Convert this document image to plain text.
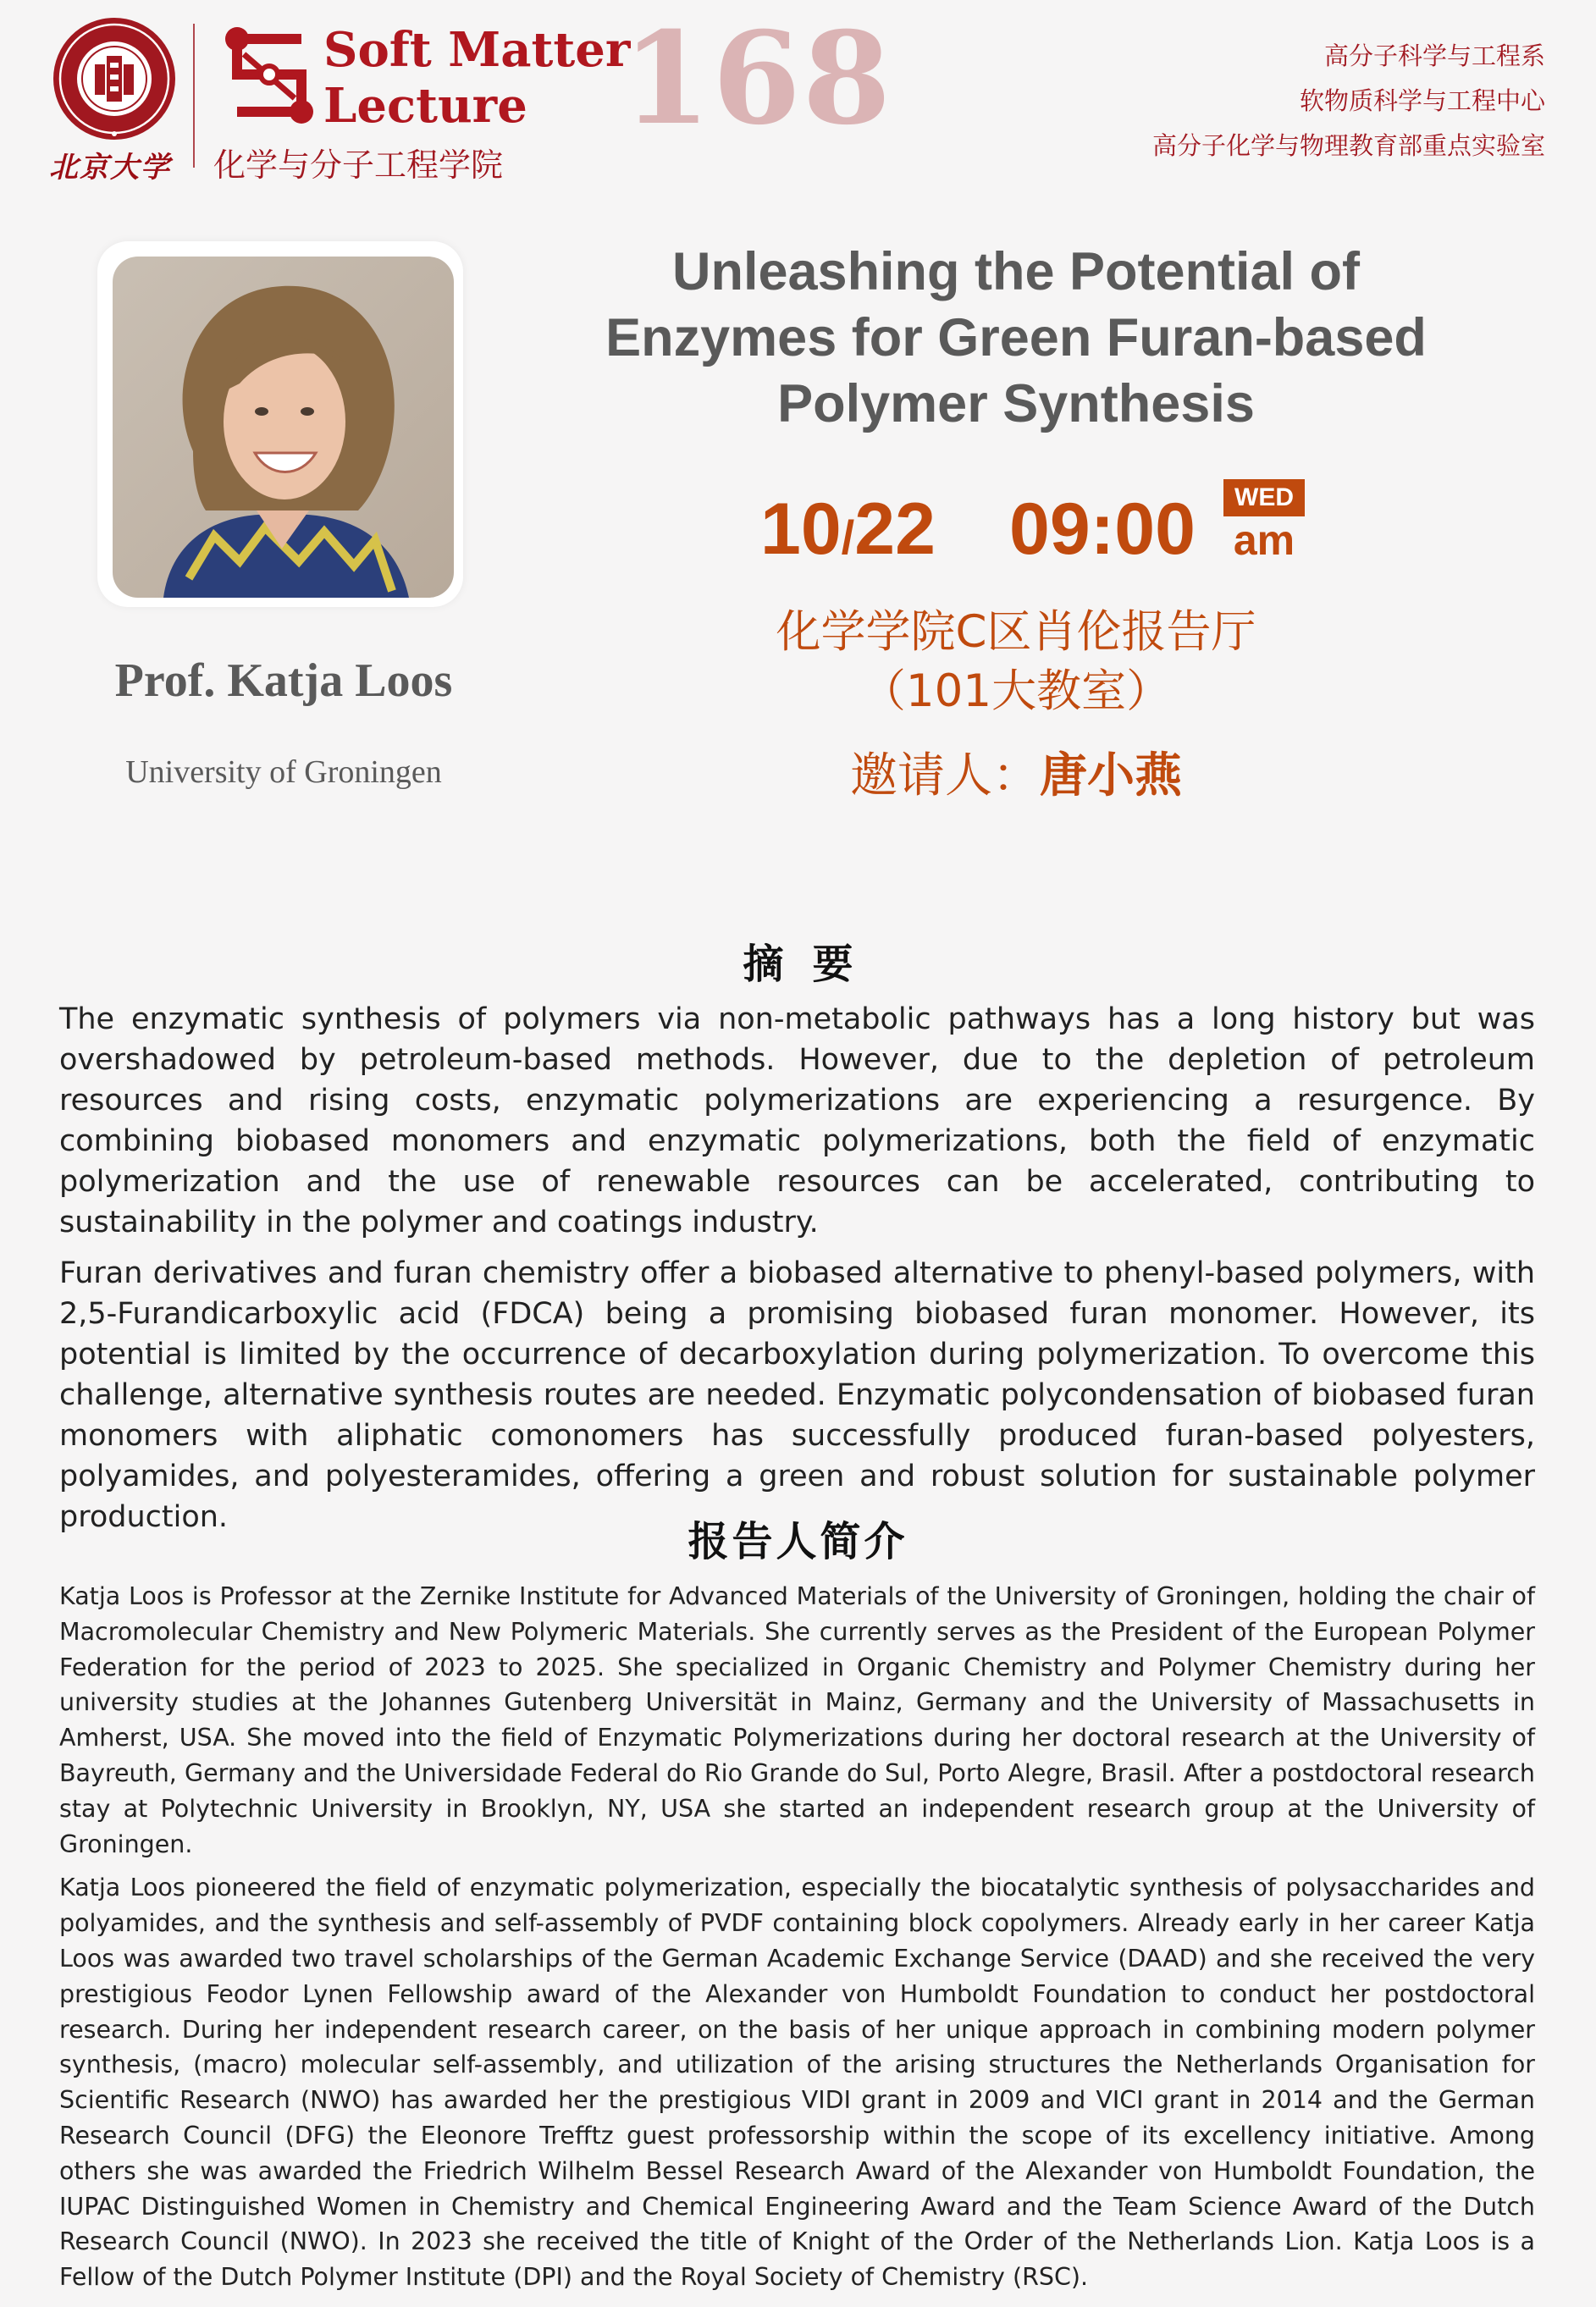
北京大学
Soft Matter
Lecture 168
化学与分子工程学院
高分子科学与工程系
软物质科学与工程中心
高分子化学与物理教育部重点实验室
Prof. Katja Loos
University of Groningen
Unleashing the Potential of
Enzymes for Green Furan-based
Polymer Synthesis
10/22 09:00	WED
am
化学学院C区肖伦报告厅
（101大教室）
邀请人：唐小燕
摘要

The enzymatic synthesis of polymers via non-metabolic pathways has a long history but was overshadowed by petroleum-based methods. However, due to the depletion of petroleum resources and rising costs, enzymatic polymerizations are experiencing a resurgence. By combining biobased monomers and enzymatic polymerizations, both the field of enzymatic polymerization and the use of renewable resources can be accelerated, contributing to sustainability in the polymer and coatings industry.

Furan derivatives and furan chemistry offer a biobased alternative to phenyl-based polymers, with 2,5-Furandicarboxylic acid (FDCA) being a promising biobased furan monomer. However, its potential is limited by the occurrence of decarboxylation during polymerization. To overcome this challenge, alternative synthesis routes are needed. Enzymatic polycondensation of biobased furan monomers with aliphatic comonomers has successfully produced furan-based polyesters, polyamides, and polyesteramides, offering a green and robust solution for sustainable polymer production.

报告人简介

Katja Loos is Professor at the Zernike Institute for Advanced Materials of the University of Groningen, holding the chair of Macromolecular Chemistry and New Polymeric Materials. She currently serves as the President of the European Polymer Federation for the period of 2023 to 2025. She specialized in Organic Chemistry and Polymer Chemistry during her university studies at the Johannes Gutenberg Universität in Mainz, Germany and the University of Massachusetts in Amherst, USA. She moved into the field of Enzymatic Polymerizations during her doctoral research at the University of Bayreuth, Germany and the Universidade Federal do Rio Grande do Sul, Porto Alegre, Brasil. After a postdoctoral research stay at Polytechnic University in Brooklyn, NY, USA she started an independent research group at the University of Groningen.

Katja Loos pioneered the field of enzymatic polymerization, especially the biocatalytic synthesis of polysaccharides and polyamides, and the synthesis and self-assembly of PVDF containing block copolymers. Already early in her career Katja Loos was awarded two travel scholarships of the German Academic Exchange Service (DAAD) and she received the very prestigious Feodor Lynen Fellowship award of the Alexander von Humboldt Foundation to conduct her postdoctoral research. During her independent research career, on the basis of her unique approach in combining modern polymer synthesis, (macro) molecular self-assembly, and utilization of the arising structures the Netherlands Organisation for Scientific Research (NWO) has awarded her the prestigious VIDI grant in 2009 and VICI grant in 2014 and the German Research Council (DFG) the Eleonore Trefftz guest professorship within the scope of its excellency initiative. Among others she was awarded the Friedrich Wilhelm Bessel Research Award of the Alexander von Humboldt Foundation, the IUPAC Distinguished Women in Chemistry and Chemical Engineering Award and the Team Science Award of the Dutch Research Council (NWO). In 2023 she received the title of Knight of the Order of the Netherlands Lion. Katja Loos is a Fellow of the Dutch Polymer Institute (DPI) and the Royal Society of Chemistry (RSC).
